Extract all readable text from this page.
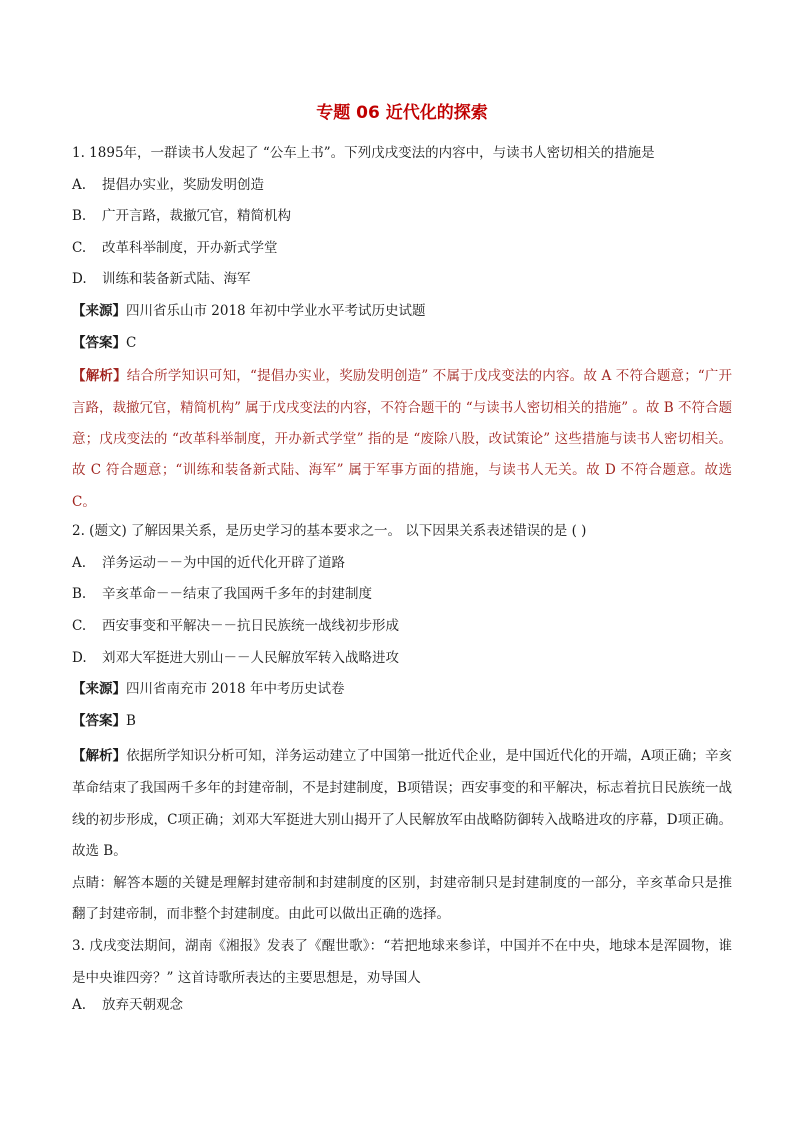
专题 06 近代化的探索
1. 1895年，一群读书人发起了 “公车上书”。下列戊戌变法的内容中，与读书人密切相关的措施是
A.	提倡办实业，奖励发明创造
B.	广开言路，裁撤冗官，精简机构
C.	改革科举制度，开办新式学堂
D.	训练和装备新式陆、海军
【来源】四川省乐山市 2018 年初中学业水平考试历史试题
【答案】C
【解析】结合所学知识可知，“提倡办实业，奖励发明创造” 不属于戊戌变法的内容。故 A 不符合题意；“广开言路，裁撤冗官，精简机构” 属于戊戌变法的内容，不符合题干的 “与读书人密切相关的措施” 。故 B 不符合题意；戊戌变法的 “改革科举制度，开办新式学堂” 指的是 “废除八股，改试策论” 这些措施与读书人密切相关。故 C 符合题意；“训练和装备新式陆、海军” 属于军事方面的措施，与读书人无关。故 D 不符合题意。故选 C。
2. (题文) 了解因果关系，是历史学习的基本要求之一。 以下因果关系表述错误的是 ( )
A.	洋务运动－－为中国的近代化开辟了道路
B.	辛亥革命－－结束了我国两千多年的封建制度
C.	西安事变和平解决－－抗日民族统一战线初步形成
D.	刘邓大军挺进大别山－－人民解放军转入战略进攻
【来源】四川省南充市 2018 年中考历史试卷
【答案】B
【解析】依据所学知识分析可知，洋务运动建立了中国第一批近代企业，是中国近代化的开端，A项正确；辛亥革命结束了我国两千多年的封建帝制，不是封建制度，B项错误；西安事变的和平解决，标志着抗日民族统一战线的初步形成，C项正确；刘邓大军挺进大别山揭开了人民解放军由战略防御转入战略进攻的序幕，D项正确。故选 B。
点睛：解答本题的关键是理解封建帝制和封建制度的区别，封建帝制只是封建制度的一部分，辛亥革命只是推翻了封建帝制，而非整个封建制度。由此可以做出正确的选择。
3. 戊戌变法期间，湖南《湘报》发表了《醒世歌》：“若把地球来参详，中国并不在中央，地球本是浑圆物，谁是中央谁四旁？” 这首诗歌所表达的主要思想是，劝导国人
A.	放弃天朝观念
